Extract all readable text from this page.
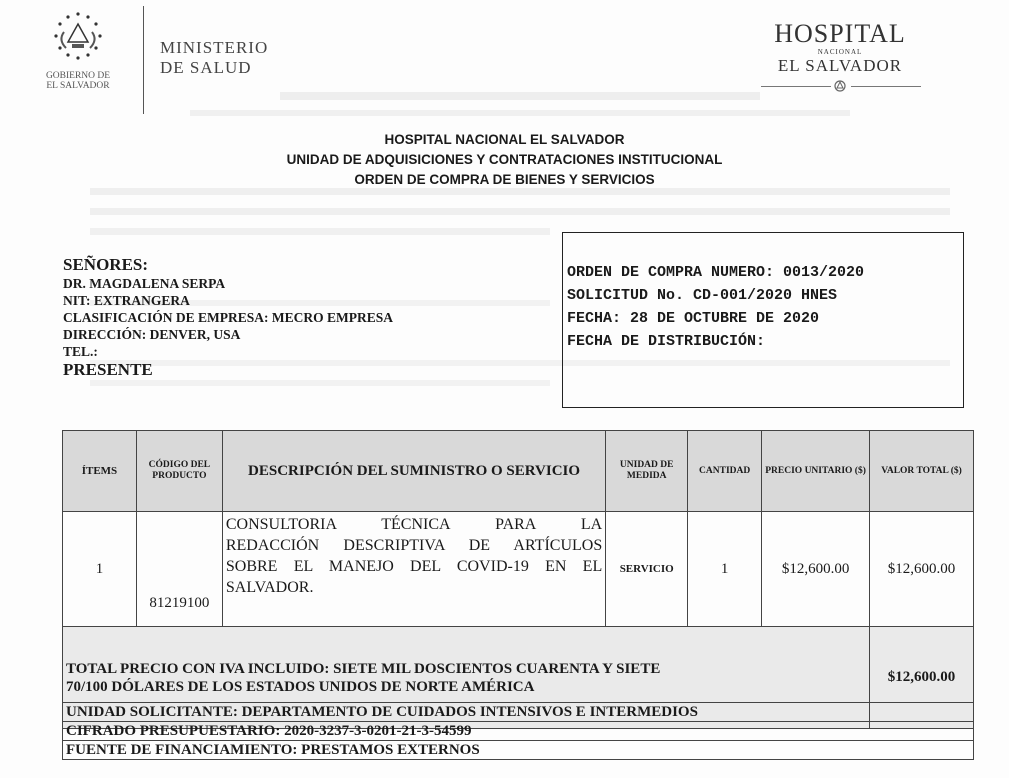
GOBIERNO DE
EL SALVADOR
MINISTERIO
DE SALUD
HOSPITAL
NACIONAL
EL SALVADOR
HOSPITAL NACIONAL EL SALVADOR
UNIDAD DE ADQUISICIONES Y CONTRATACIONES INSTITUCIONAL
ORDEN DE COMPRA DE BIENES Y SERVICIOS
SEÑORES:
DR. MAGDALENA SERPA
NIT: EXTRANGERA
CLASIFICACIÓN DE EMPRESA: MECRO EMPRESA
DIRECCIÓN: DENVER, USA
TEL.:
PRESENTE
ORDEN DE COMPRA NUMERO: 0013/2020
SOLICITUD No. CD-001/2020 HNES
FECHA: 28 DE OCTUBRE DE 2020
FECHA DE DISTRIBUCIÓN:
ÍTEMS	CÓDIGO DEL PRODUCTO	DESCRIPCIÓN DEL SUMINISTRO O SERVICIO	UNIDAD DE MEDIDA	CANTIDAD	PRECIO UNITARIO ($)	VALOR TOTAL ($)
1	81219100	CONSULTORIA TÉCNICA PARA LA
REDACCIÓN DESCRIPTIVA DE ARTÍCULOS
SOBRE EL MANEJO DEL COVID-19 EN EL
SALVADOR.	SERVICIO	1	$12,600.00	$12,600.00

TOTAL PRECIO CON IVA INCLUIDO: SIETE MIL DOSCIENTOS CUARENTA Y SIETE
70/100 DÓLARES DE LOS ESTADOS UNIDOS DE NORTE AMÉRICA						$12,600.00
UNIDAD SOLICITANTE: DEPARTAMENTO DE CUIDADOS INTENSIVOS E INTERMEDIOS
CIFRADO PRESUPUESTARIO: 2020-3237-3-0201-21-3-54599
FUENTE DE FINANCIAMIENTO: PRESTAMOS EXTERNOS
